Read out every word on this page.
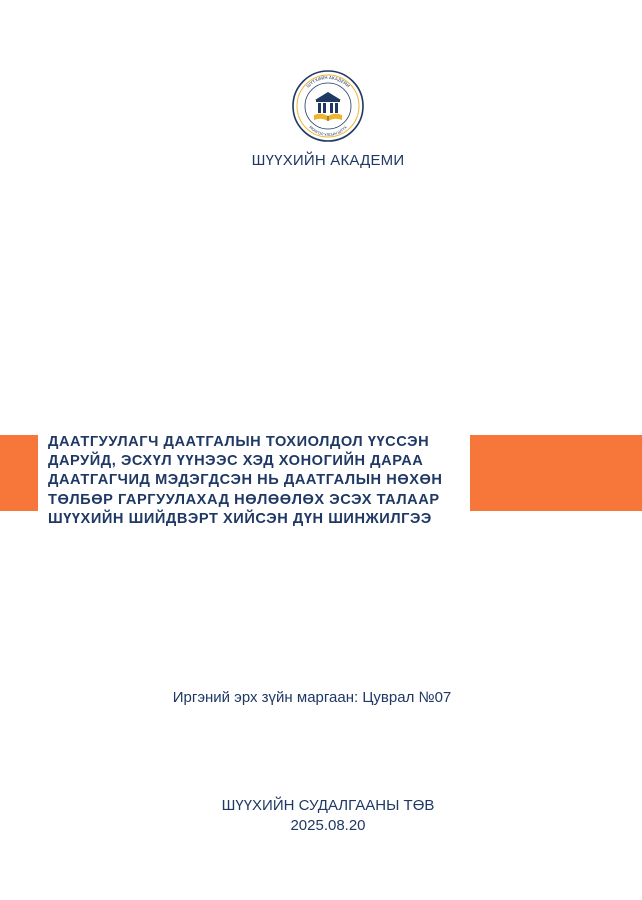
ШҮҮХИЙН АКАДЕМИ
МОНГОЛ УЛСЫН ШҮҮХ
ШҮҮХИЙН АКАДЕМИ
ДААТГУУЛАГЧ ДААТГАЛЫН ТОХИОЛДОЛ ҮҮССЭН
ДАРУЙД, ЭСХҮЛ ҮҮНЭЭС ХЭД ХОНОГИЙН ДАРАА
ДААТГАГЧИД МЭДЭГДСЭН НЬ ДААТГАЛЫН НӨХӨН
ТӨЛБӨР ГАРГУУЛАХАД НӨЛӨӨЛӨХ ЭСЭХ ТАЛААР
ШҮҮХИЙН ШИЙДВЭРТ ХИЙСЭН ДҮН ШИНЖИЛГЭЭ
Иргэний эрх зүйн маргаан: Цуврал №07
ШҮҮХИЙН СУДАЛГААНЫ ТӨВ
2025.08.20
